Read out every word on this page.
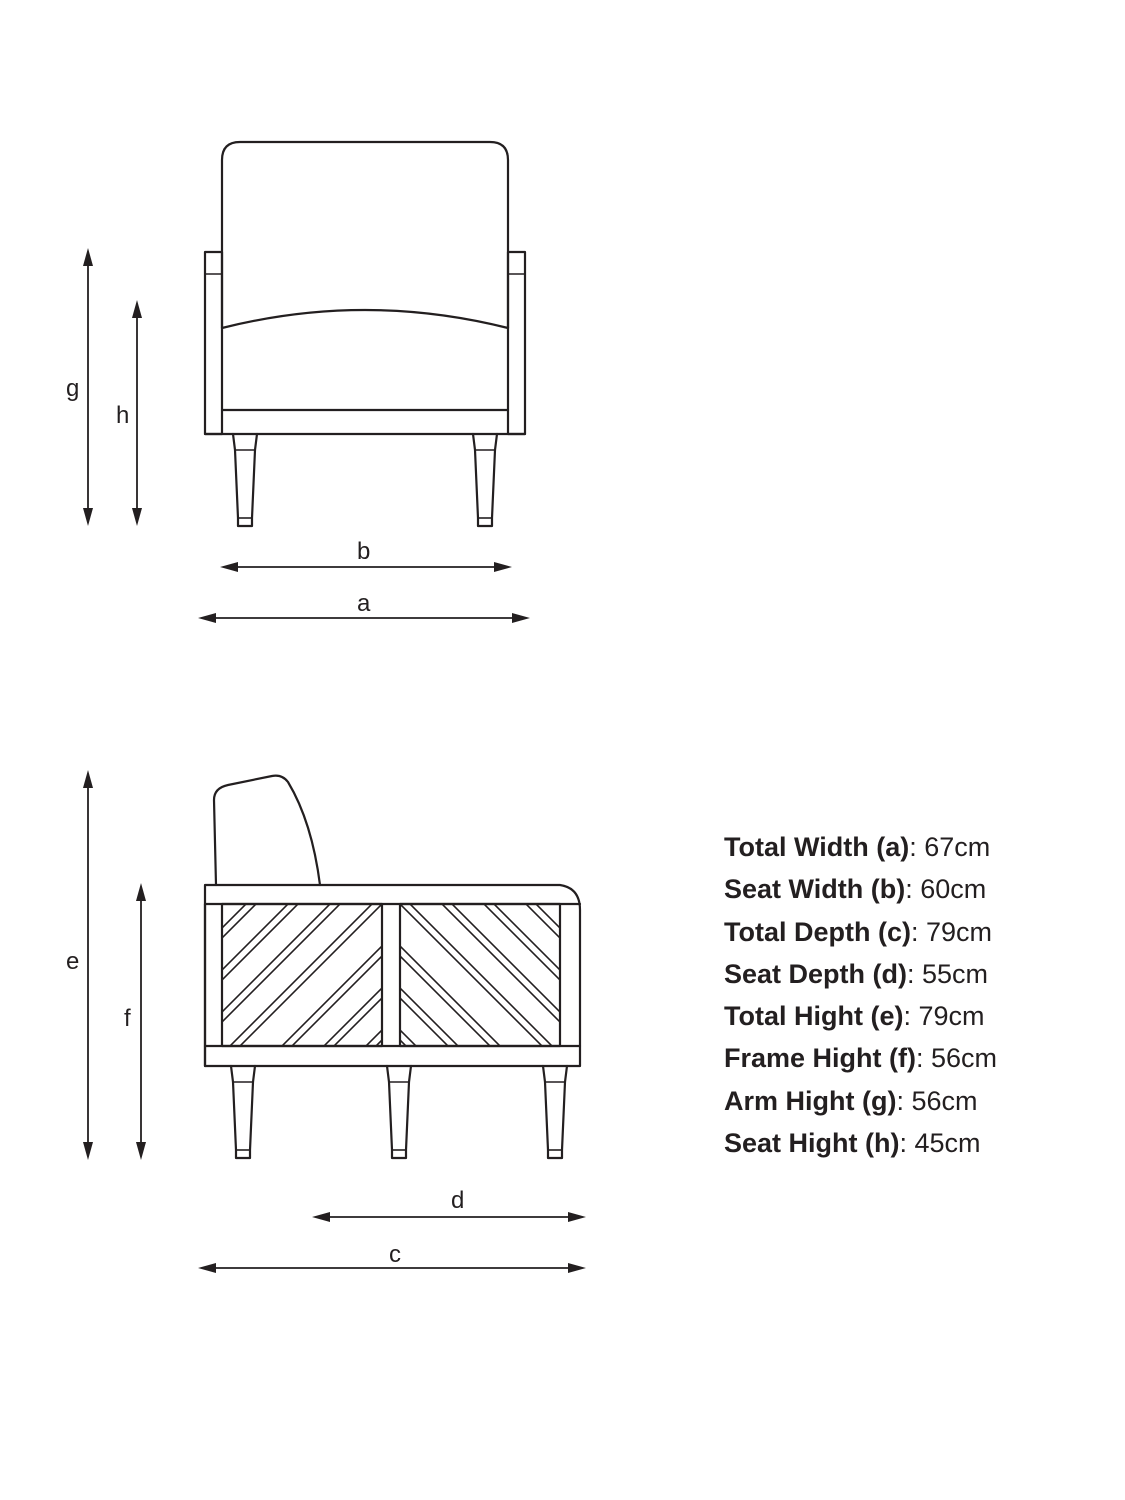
g
h
b
a
e
f
d
c
Total Width (a): 67cm
Seat Width (b): 60cm
Total Depth (c): 79cm
Seat Depth (d): 55cm
Total Hight (e): 79cm
Frame Hight (f): 56cm
Arm Hight (g): 56cm
Seat Hight (h): 45cm
